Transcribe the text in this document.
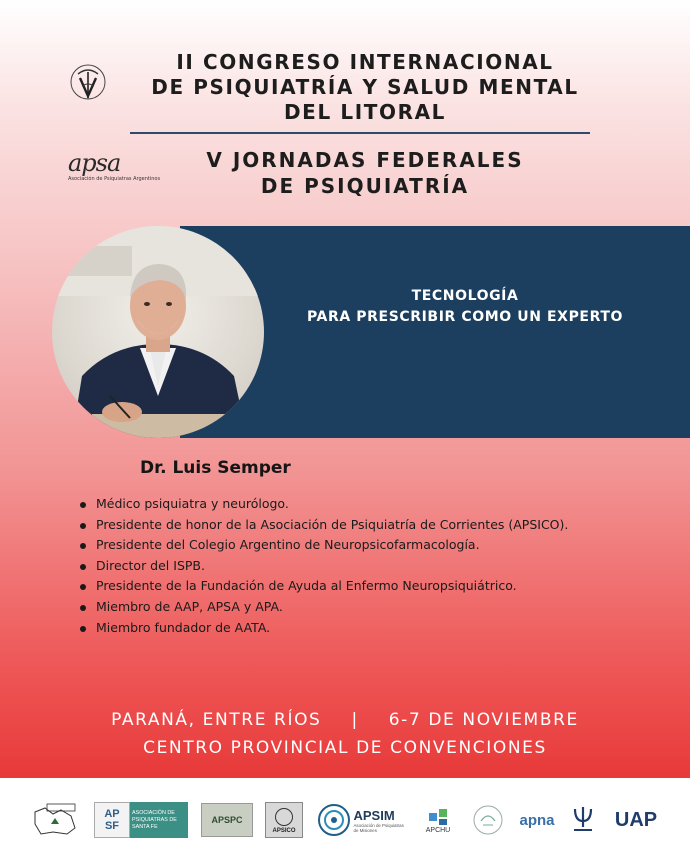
II CONGRESO INTERNACIONAL
DE PSIQUIATRÍA Y SALUD MENTAL
DEL LITORAL
apsa
Asociación de Psiquiatras Argentinos
V JORNADAS FEDERALES
DE PSIQUIATRÍA
TECNOLOGÍA
PARA PRESCRIBIR COMO UN EXPERTO
Dr. Luis Semper
Médico psiquiatra y neurólogo.
Presidente de honor de la Asociación de Psiquiatría de Corrientes (APSICO).
Presidente del Colegio Argentino de Neuropsicofarmacología.
Director del ISPB.
Presidente de la Fundación de Ayuda al Enfermo Neuropsiquiátrico.
Miembro de AAP, APSA y APA.
Miembro fundador de AATA.
PARANÁ, ENTRE RÍOS | 6-7 DE NOVIEMBRE
CENTRO PROVINCIAL DE CONVENCIONES
AP SF
ASOCIACIÓN DE PSIQUIATRAS DE SANTA FE
APSPC
APSICO
APSIM
Asociación de Psiquiatras de Misiones	APCHU
apna	UAP
